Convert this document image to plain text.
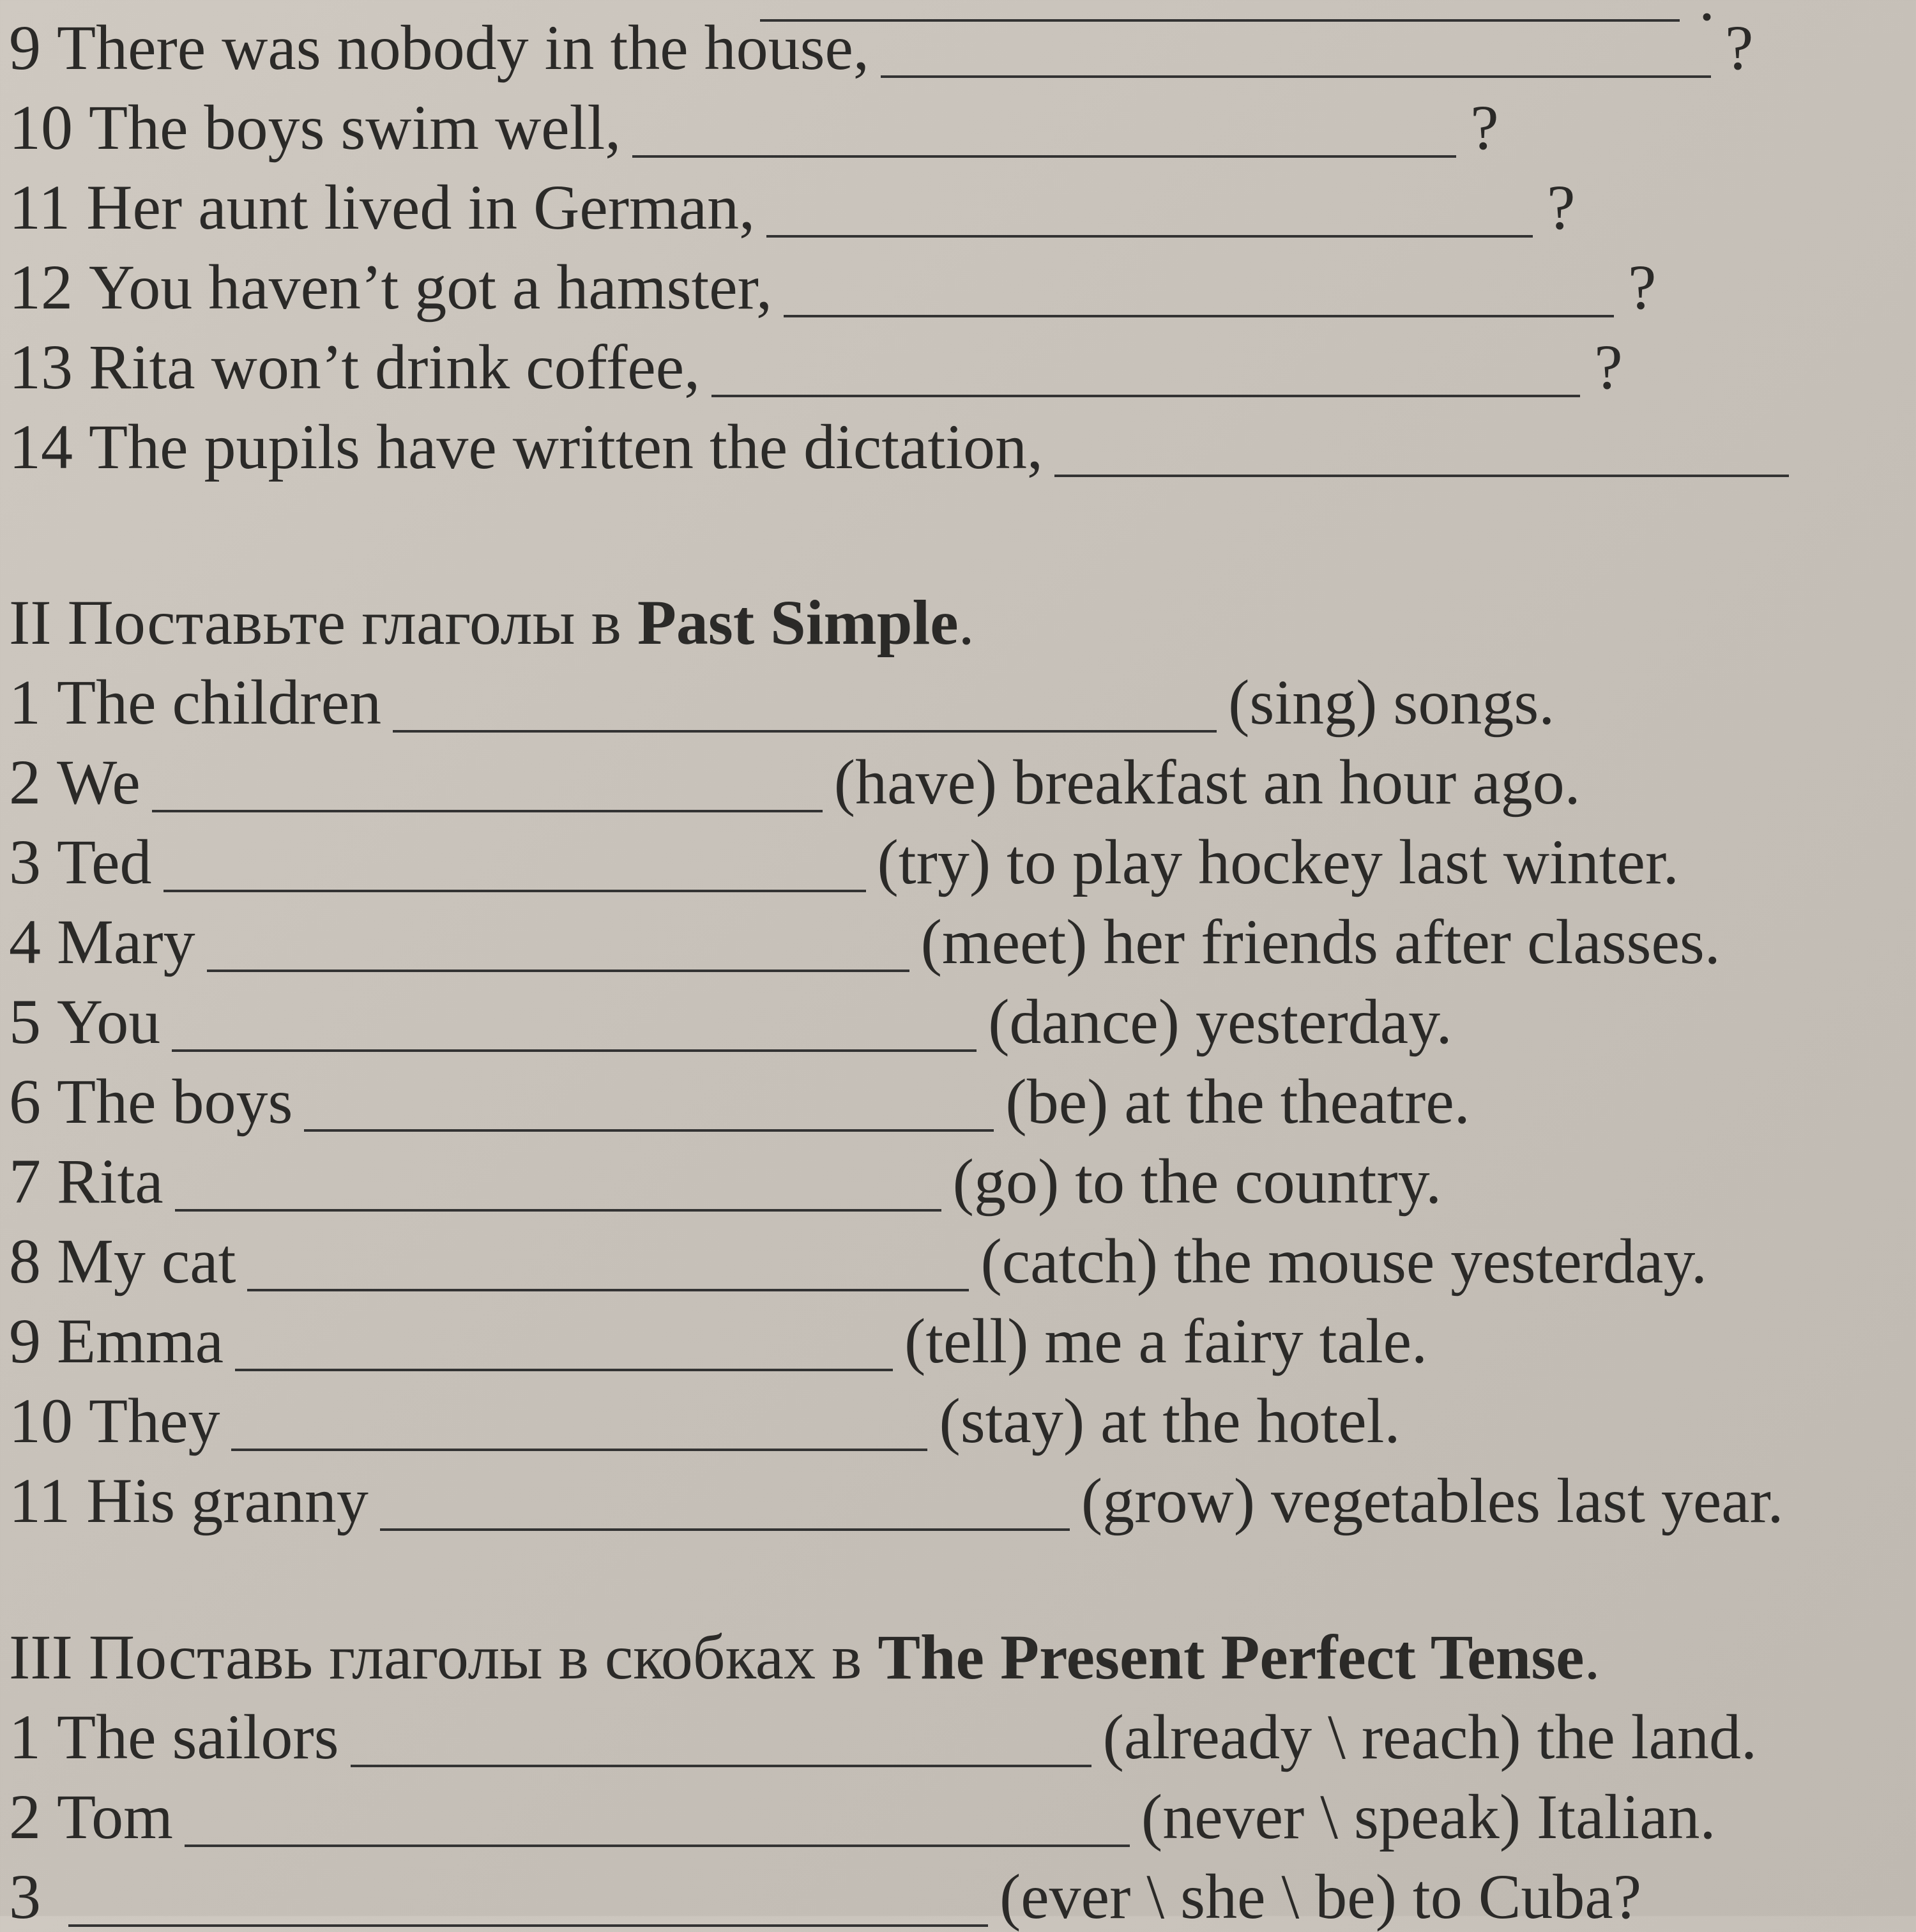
9
There was nobody in the house,	?
10
The boys swim well,	?
11
Her aunt lived in German,	?
12
You haven’t got a hamster,	?
13
Rita won’t drink coffee,	?
14
The pupils have written the dictation,
II Поставьте глаголы в
Past Simple .
1
The children	(sing) songs.
2
We	(have) breakfast an hour ago.
3
Ted	(try) to play hockey last winter.
4
Mary	(meet) her friends after classes.
5
You	(dance) yesterday.
6
The boys	(be) at the theatre.
7
Rita	(go) to the country.
8
My cat	(catch) the mouse yesterday.
9
Emma	(tell) me a fairy tale.
10
They	(stay) at the hotel.
11
His granny	(grow) vegetables last year.
III Поставь глаголы в скобках в
The Present Perfect Tense .
1
The sailors	(already \ reach) the land.
2
Tom	(never \ speak) Italian.
3
	(ever \ she \ be) to Cuba?
